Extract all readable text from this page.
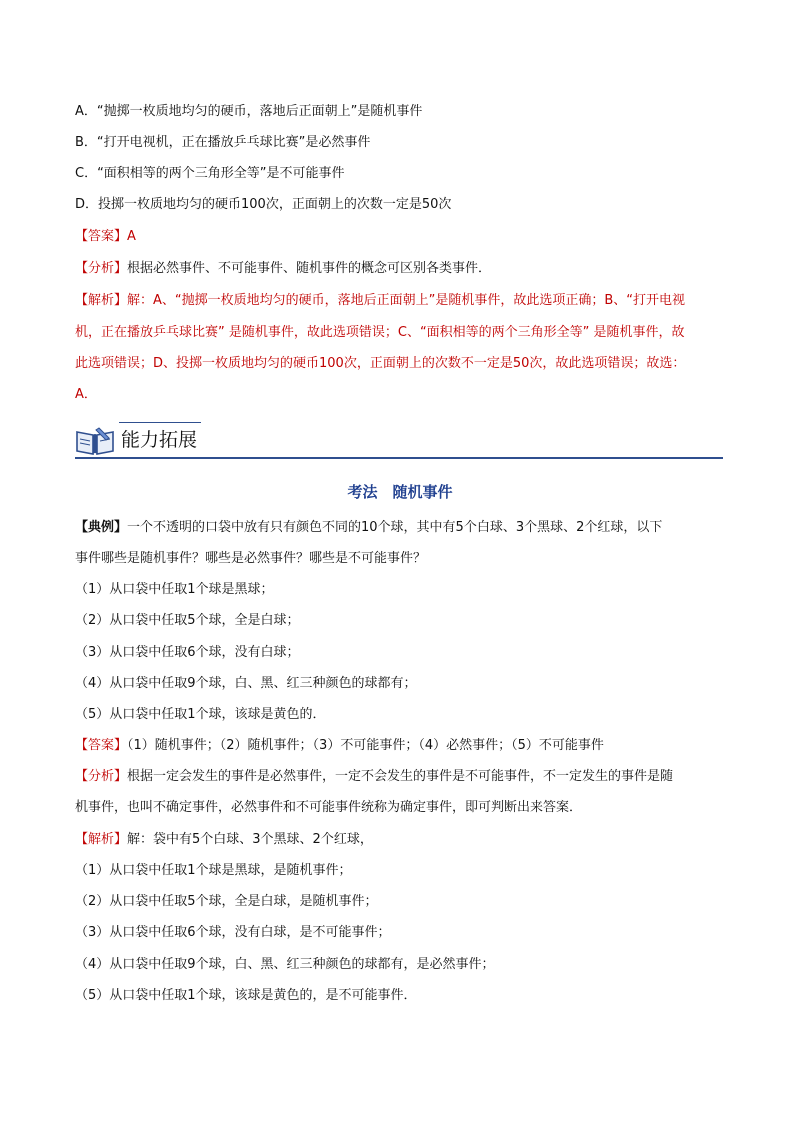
A．“抛掷一枚质地均匀的硬币，落地后正面朝上”是随机事件
B．“打开电视机，正在播放乒乓球比赛”是必然事件
C．“面积相等的两个三角形全等”是不可能事件
D．投掷一枚质地均匀的硬币100次，正面朝上的次数一定是50次
【答案】A
【分析】根据必然事件、不可能事件、随机事件的概念可区别各类事件．
【解析】解：A、“抛掷一枚质地均匀的硬币，落地后正面朝上”是随机事件，故此选项正确；B、“打开电视
机，正在播放乒乓球比赛” 是随机事件，故此选项错误；C、“面积相等的两个三角形全等” 是随机事件，故
此选项错误；D、投掷一枚质地均匀的硬币100次，正面朝上的次数不一定是50次，故此选项错误；故选：
A．
能力拓展
考法　随机事件
【典例】一个不透明的口袋中放有只有颜色不同的10个球，其中有5个白球、3个黑球、2个红球，以下
事件哪些是随机事件？哪些是必然事件？哪些是不可能事件？
（1）从口袋中任取1个球是黑球；
（2）从口袋中任取5个球，全是白球；
（3）从口袋中任取6个球，没有白球；
（4）从口袋中任取9个球，白、黑、红三种颜色的球都有；
（5）从口袋中任取1个球，该球是黄色的．
【答案】（1）随机事件；（2）随机事件；（3）不可能事件；（4）必然事件；（5）不可能事件
【分析】根据一定会发生的事件是必然事件，一定不会发生的事件是不可能事件，不一定发生的事件是随
机事件，也叫不确定事件，必然事件和不可能事件统称为确定事件，即可判断出来答案．
【解析】解：袋中有5个白球、3个黑球、2个红球，
（1）从口袋中任取1个球是黑球，是随机事件；
（2）从口袋中任取5个球，全是白球，是随机事件；
（3）从口袋中任取6个球，没有白球，是不可能事件；
（4）从口袋中任取9个球，白、黑、红三种颜色的球都有，是必然事件；
（5）从口袋中任取1个球，该球是黄色的，是不可能事件．
